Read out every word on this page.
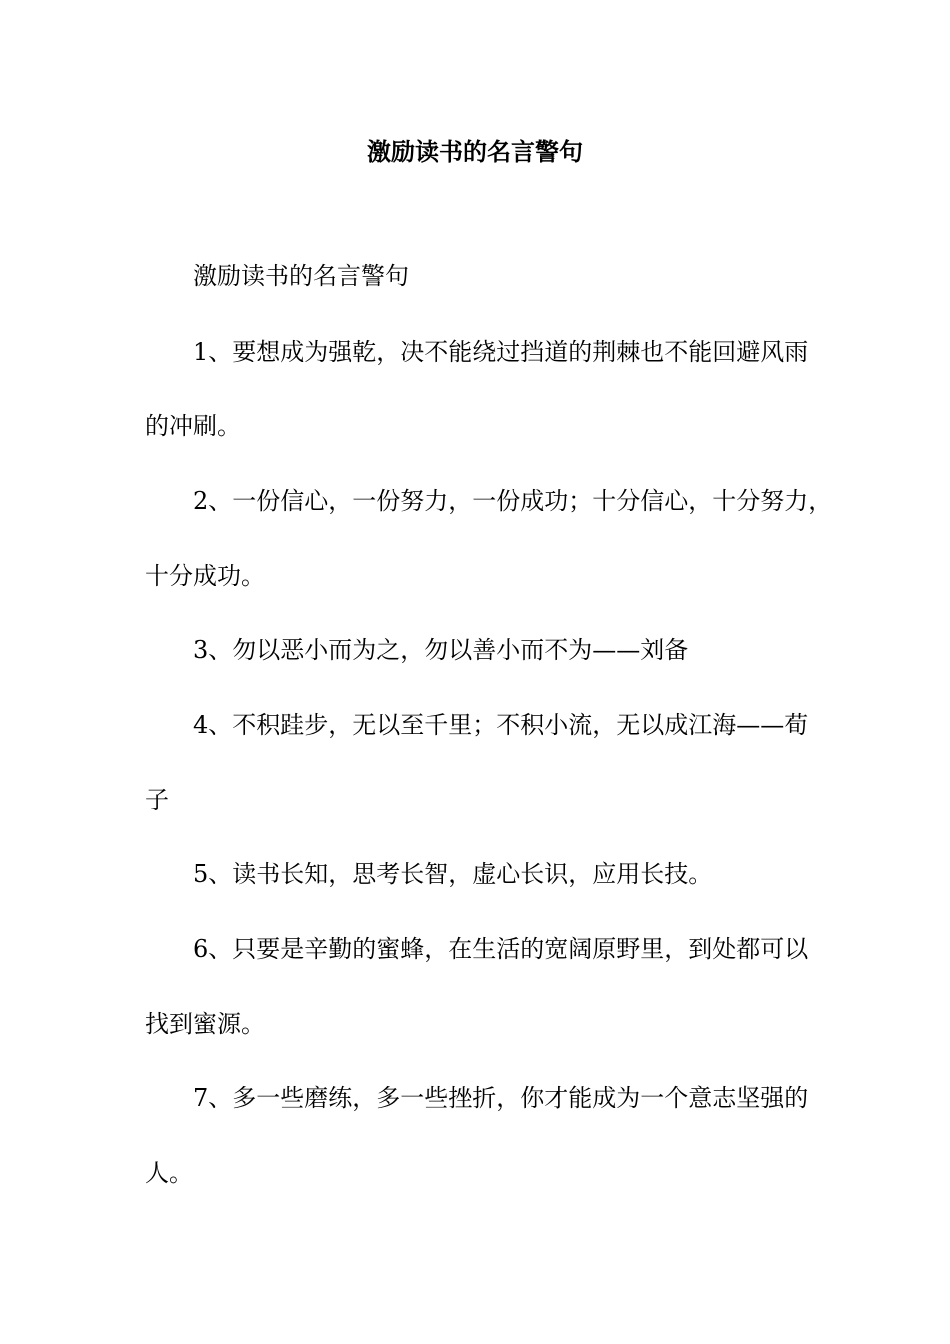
激励读书的名言警句
激励读书的名言警句
1、要想成为强乾，决不能绕过挡道的荆棘也不能回避风雨
的冲刷。
2、一份信心，一份努力，一份成功；十分信心，十分努力，
十分成功。
3、勿以恶小而为之，勿以善小而不为——刘备
4、不积跬步，无以至千里；不积小流，无以成江海——荀
子
5、读书长知，思考长智，虚心长识，应用长技。
6、只要是辛勤的蜜蜂，在生活的宽阔原野里，到处都可以
找到蜜源。
7、多一些磨练，多一些挫折，你才能成为一个意志坚强的
人。
